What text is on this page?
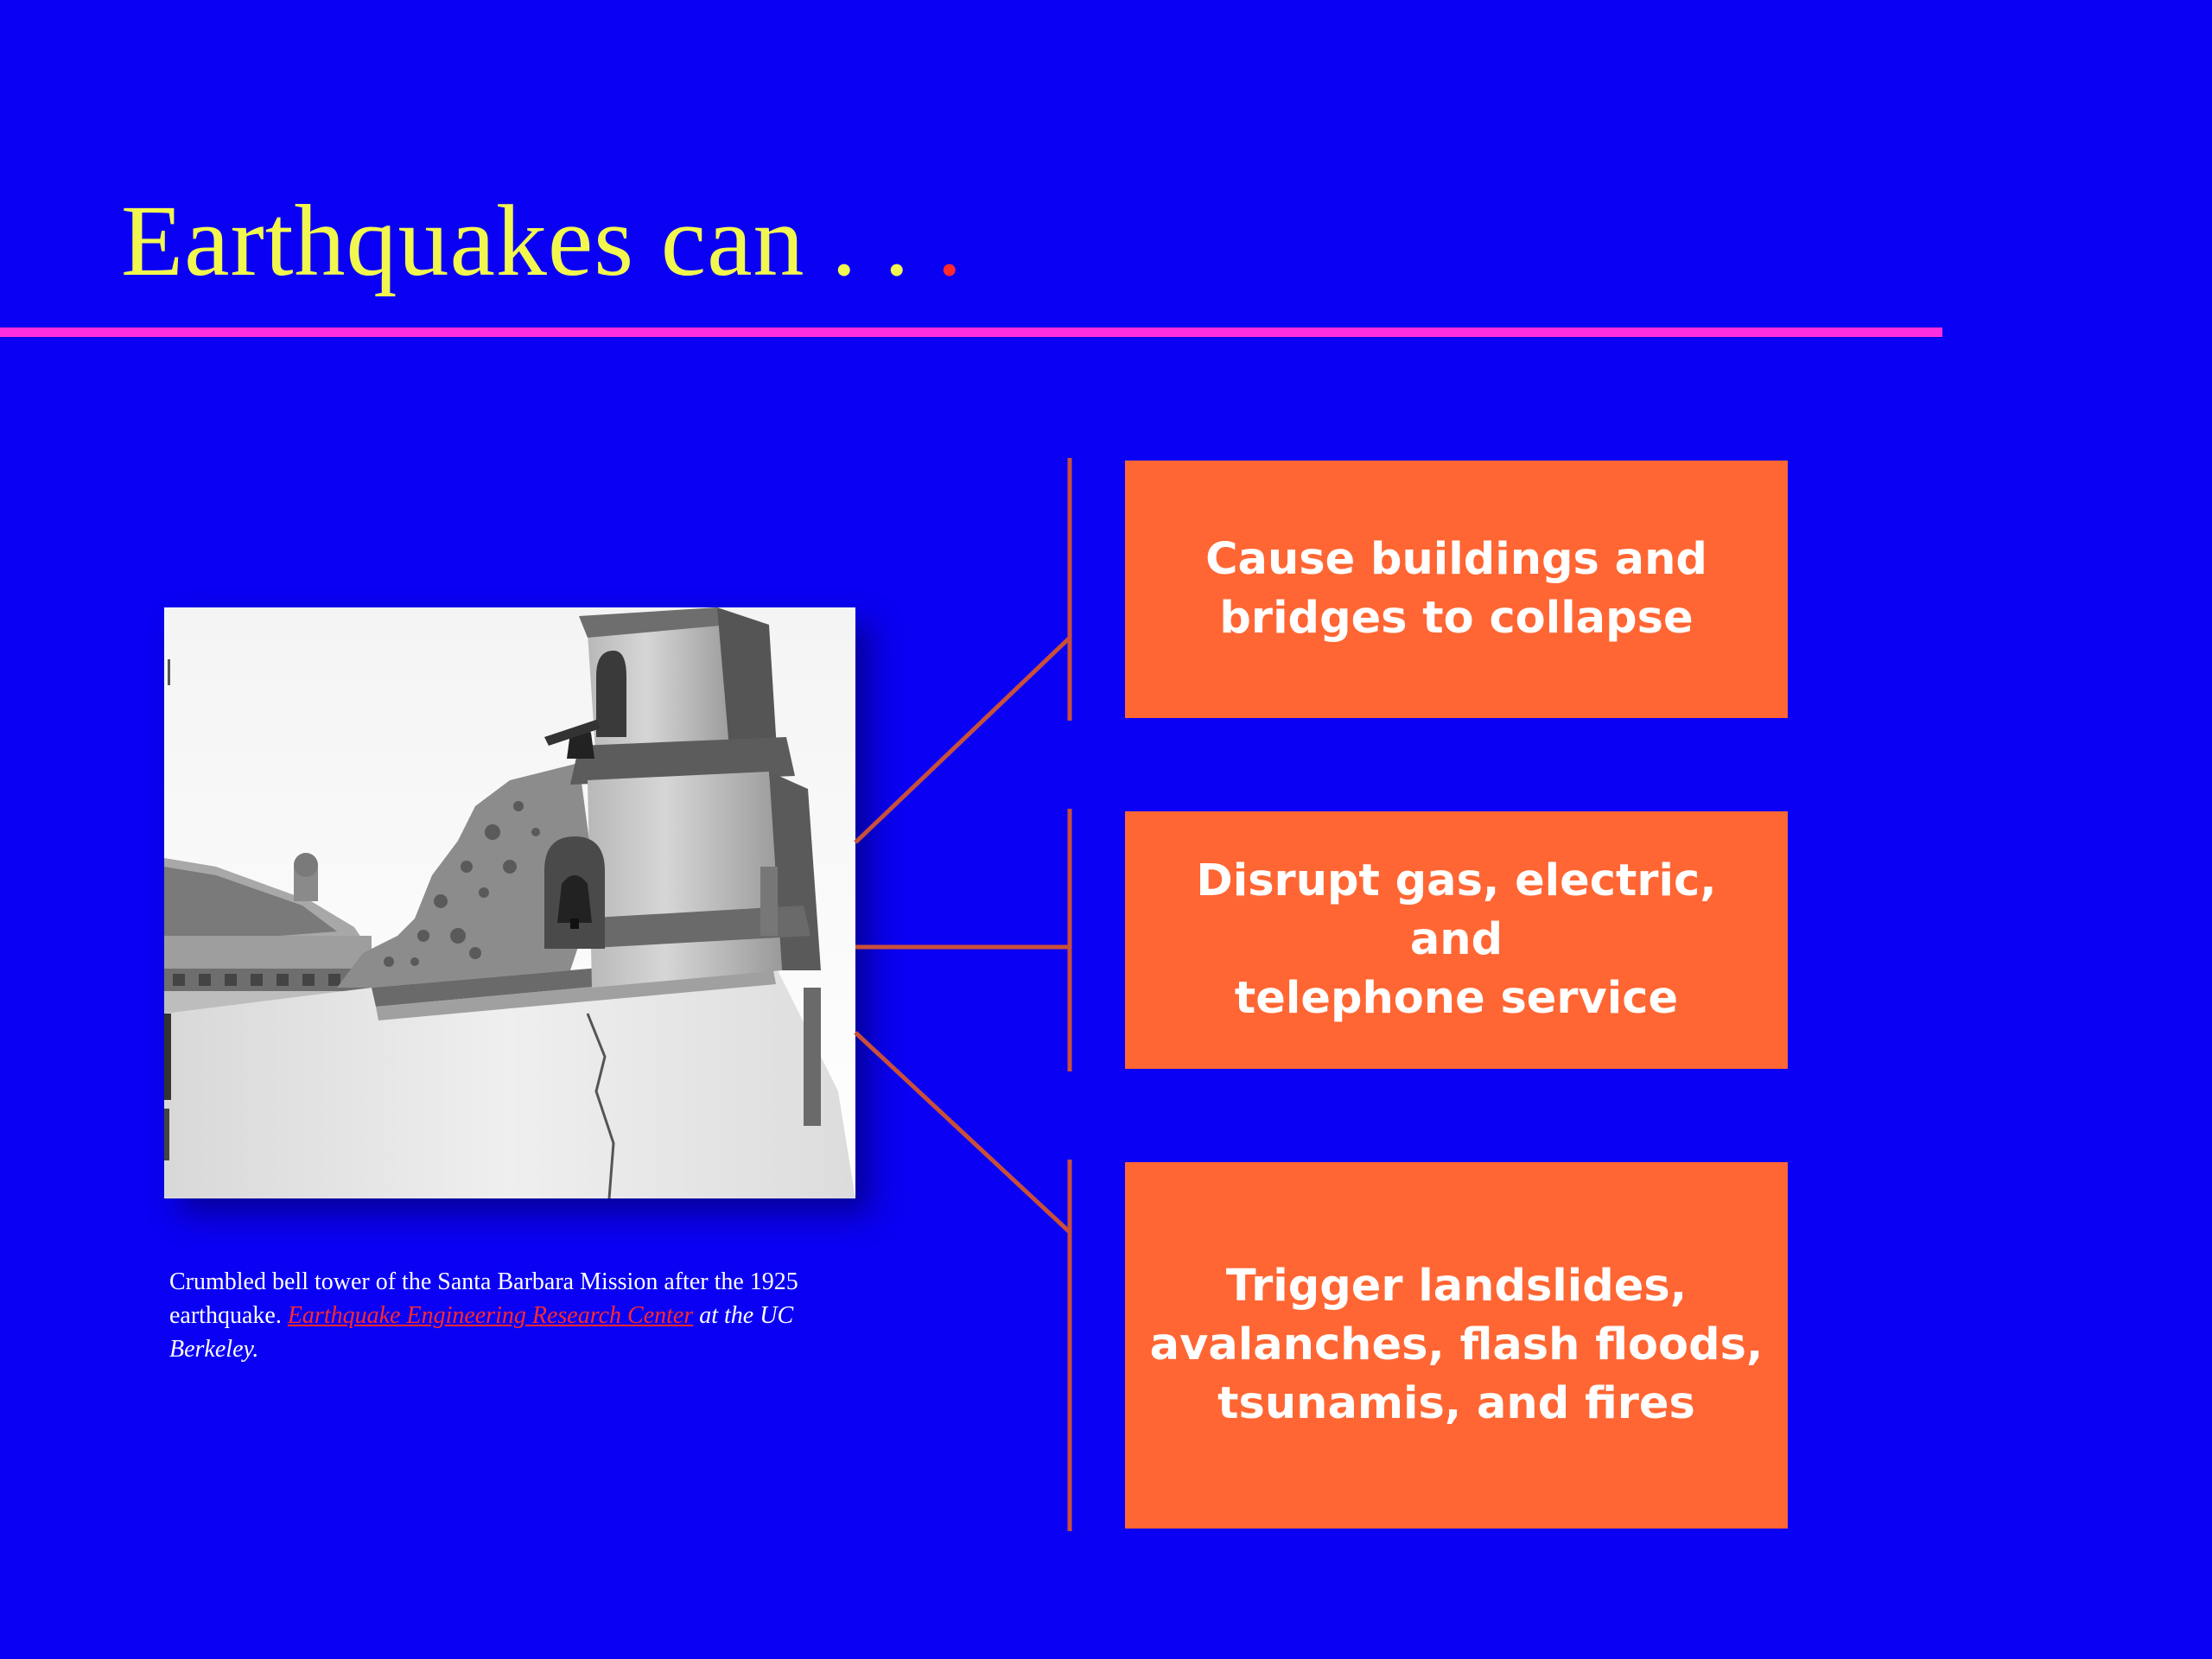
Earthquakes can . . .
Crumbled bell tower of the Santa Barbara Mission after the 1925 earthquake. Earthquake Engineering Research Center at the UC Berkeley.
Cause buildings and
bridges to collapse
Disrupt gas, electric, and
telephone service
Trigger landslides,
avalanches, flash floods,
tsunamis, and fires
